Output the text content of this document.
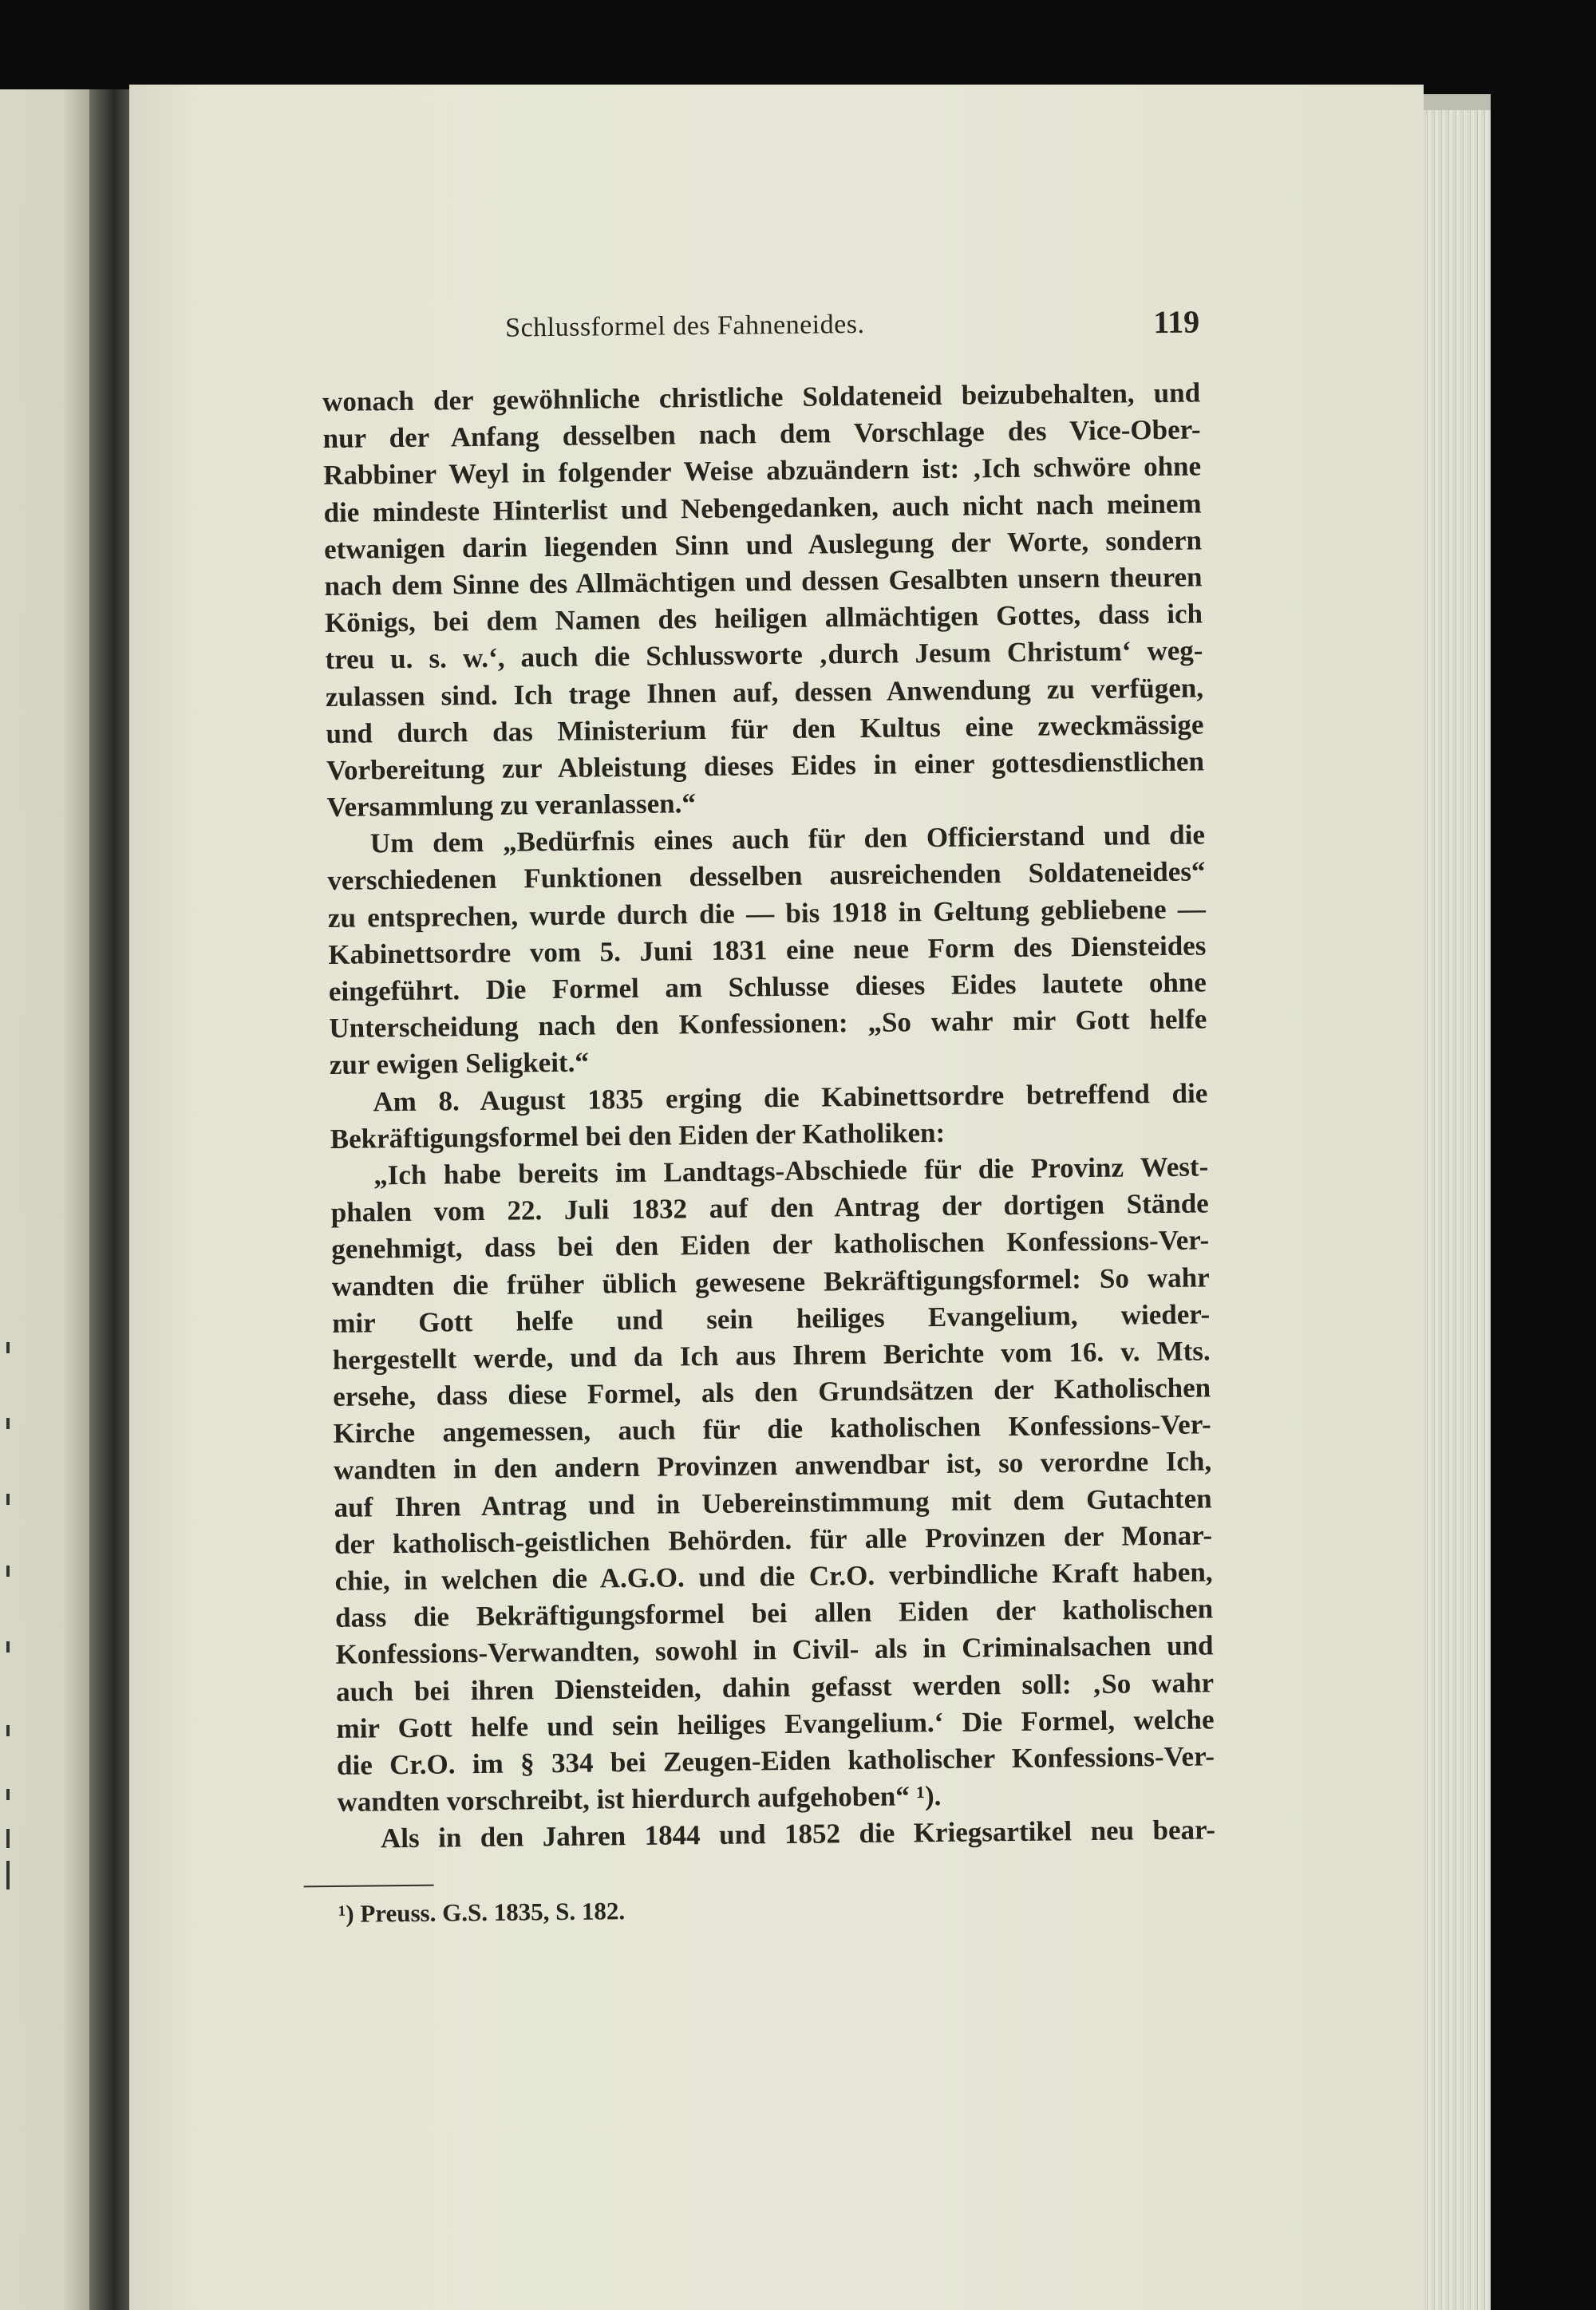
Schlussformel des Fahneneides.	119
wonach der gewöhnliche christliche Soldateneid beizubehalten, und
nur der Anfang desselben nach dem Vorschlage des Vice-Ober-
Rabbiner Weyl in folgender Weise abzuändern ist: ‚Ich schwöre ohne
die mindeste Hinterlist und Nebengedanken, auch nicht nach meinem
etwanigen darin liegenden Sinn und Auslegung der Worte, sondern
nach dem Sinne des Allmächtigen und dessen Gesalbten unsern theuren
Königs, bei dem Namen des heiligen allmächtigen Gottes, dass ich
treu u. s. w.‘, auch die Schlussworte ‚durch Jesum Christum‘ weg-
zulassen sind. Ich trage Ihnen auf, dessen Anwendung zu verfügen,
und durch das Ministerium für den Kultus eine zweckmässige
Vorbereitung zur Ableistung dieses Eides in einer gottesdienstlichen
Versammlung zu veranlassen.“
Um dem „Bedürfnis eines auch für den Officierstand und die
verschiedenen Funktionen desselben ausreichenden Soldateneides“
zu entsprechen, wurde durch die — bis 1918 in Geltung gebliebene —
Kabinettsordre vom 5. Juni 1831 eine neue Form des Diensteides
eingeführt. Die Formel am Schlusse dieses Eides lautete ohne
Unterscheidung nach den Konfessionen: „So wahr mir Gott helfe
zur ewigen Seligkeit.“
Am 8. August 1835 erging die Kabinettsordre betreffend die
Bekräftigungsformel bei den Eiden der Katholiken:
„Ich habe bereits im Landtags-Abschiede für die Provinz West-
phalen vom 22. Juli 1832 auf den Antrag der dortigen Stände
genehmigt, dass bei den Eiden der katholischen Konfessions-Ver-
wandten die früher üblich gewesene Bekräftigungsformel: So wahr
mir Gott helfe und sein heiliges Evangelium, wieder-
hergestellt werde, und da Ich aus Ihrem Berichte vom 16. v. Mts.
ersehe, dass diese Formel, als den Grundsätzen der Katholischen
Kirche angemessen, auch für die katholischen Konfessions-Ver-
wandten in den andern Provinzen anwendbar ist, so verordne Ich,
auf Ihren Antrag und in Uebereinstimmung mit dem Gutachten
der katholisch-geistlichen Behörden. für alle Provinzen der Monar-
chie, in welchen die A.G.O. und die Cr.O. verbindliche Kraft haben,
dass die Bekräftigungsformel bei allen Eiden der katholischen
Konfessions-Verwandten, sowohl in Civil- als in Criminalsachen und
auch bei ihren Diensteiden, dahin gefasst werden soll: ‚So wahr
mir Gott helfe und sein heiliges Evangelium.‘ Die Formel, welche
die Cr.O. im § 334 bei Zeugen-Eiden katholischer Konfessions-Ver-
wandten vorschreibt, ist hierdurch aufgehoben“ ¹).
Als in den Jahren 1844 und 1852 die Kriegsartikel neu bear-
¹) Preuss. G.S. 1835, S. 182.
